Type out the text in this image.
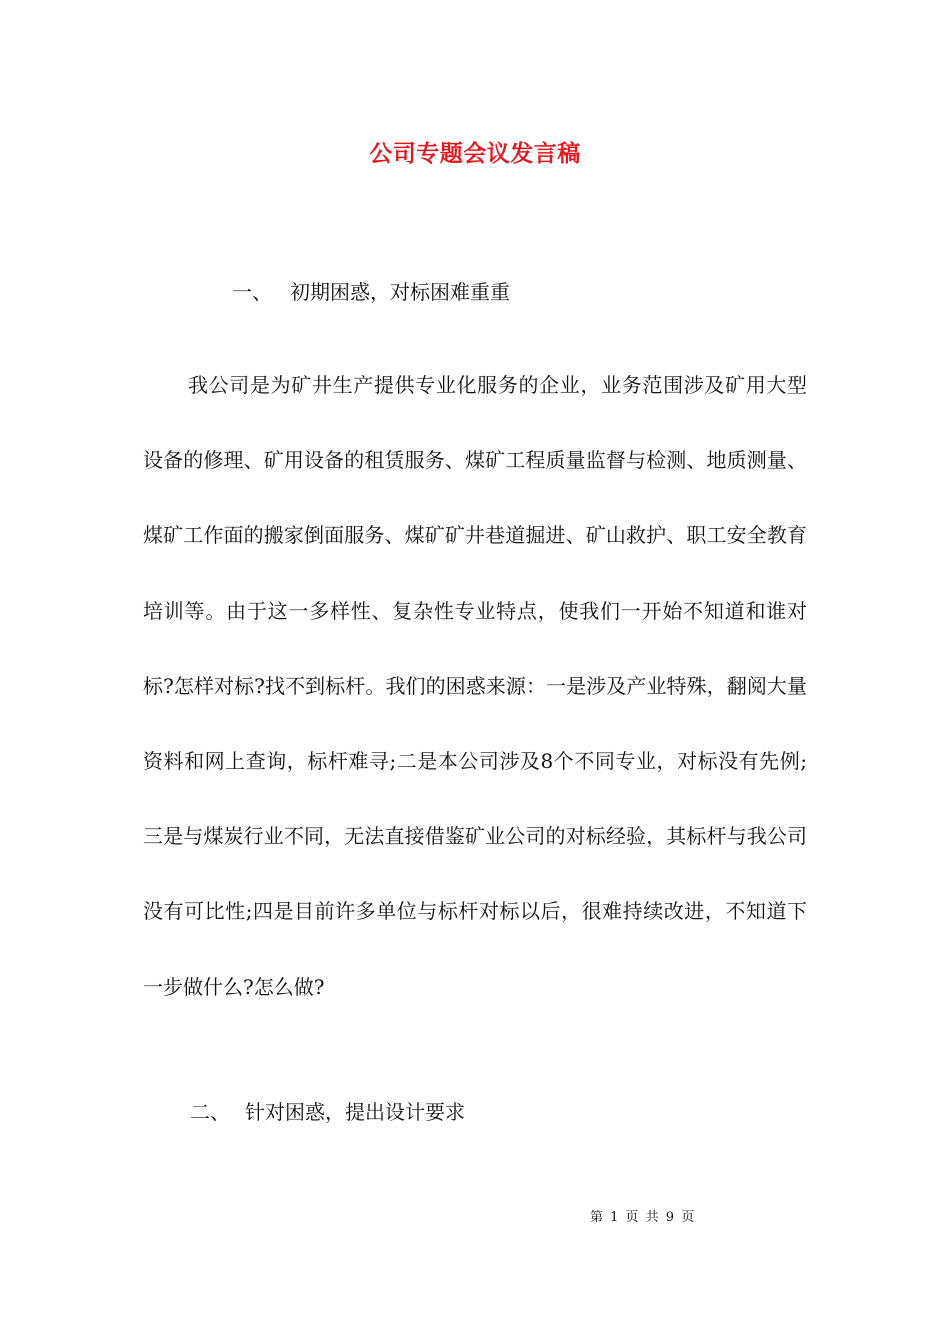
公司专题会议发言稿
一、 初期困惑，对标困难重重

我公司是为矿井生产提供专业化服务的企业，业务范围涉及矿用大型设备的修理、矿用设备的租赁服务、煤矿工程质量监督与检测、地质测量、煤矿工作面的搬家倒面服务、煤矿矿井巷道掘进、矿山救护、职工安全教育培训等。由于这一多样性、复杂性专业特点，使我们一开始不知道和谁对标?怎样对标?找不到标杆。我们的困惑来源：一是涉及产业特殊，翻阅大量资料和网上查询，标杆难寻;二是本公司涉及8个不同专业，对标没有先例;三是与煤炭行业不同，无法直接借鉴矿业公司的对标经验，其标杆与我公司没有可比性;四是目前许多单位与标杆对标以后，很难持续改进，不知道下一步做什么?怎么做?

二、 针对困惑，提出设计要求
第 1 页 共 9 页
